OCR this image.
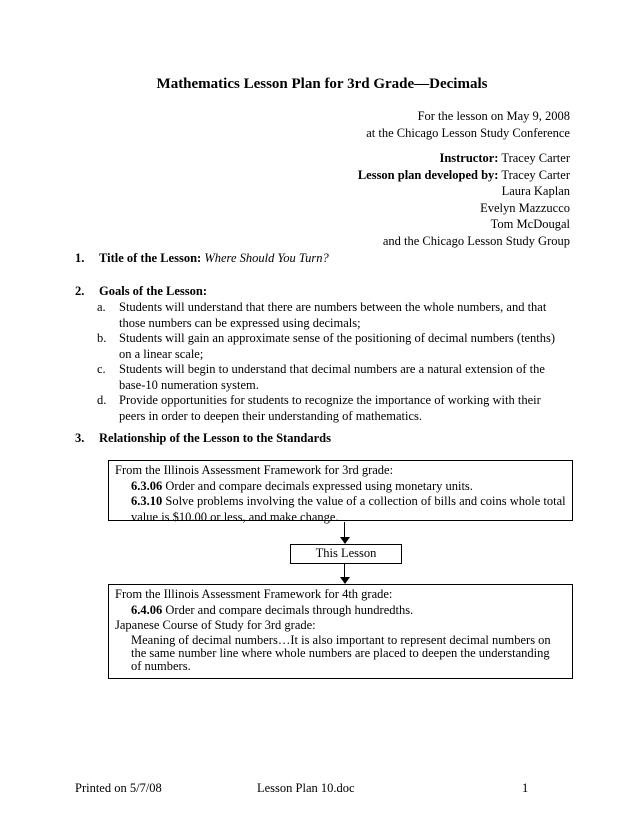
Mathematics Lesson Plan for 3rd Grade—Decimals
For the lesson on May 9, 2008
at the Chicago Lesson Study Conference
Instructor: Tracey Carter
Lesson plan developed by: Tracey Carter
Laura Kaplan
Evelyn Mazzucco
Tom McDougal
and the Chicago Lesson Study Group
1. Title of the Lesson: Where Should You Turn?
2. Goals of the Lesson:
a. Students will understand that there are numbers between the whole numbers, and that those numbers can be expressed using decimals;
b. Students will gain an approximate sense of the positioning of decimal numbers (tenths) on a linear scale;
c. Students will begin to understand that decimal numbers are a natural extension of the base-10 numeration system.
d. Provide opportunities for students to recognize the importance of working with their peers in order to deepen their understanding of mathematics.
3. Relationship of the Lesson to the Standards
From the Illinois Assessment Framework for 3rd grade:
6.3.06 Order and compare decimals expressed using monetary units.
6.3.10 Solve problems involving the value of a collection of bills and coins whole total value is $10.00 or less, and make change.
This Lesson
From the Illinois Assessment Framework for 4th grade:
6.4.06 Order and compare decimals through hundredths.
Japanese Course of Study for 3rd grade:
Meaning of decimal numbers…It is also important to represent decimal numbers on the same number line where whole numbers are placed to deepen the understanding of numbers.
Printed on 5/7/08	Lesson Plan 10.doc	1
